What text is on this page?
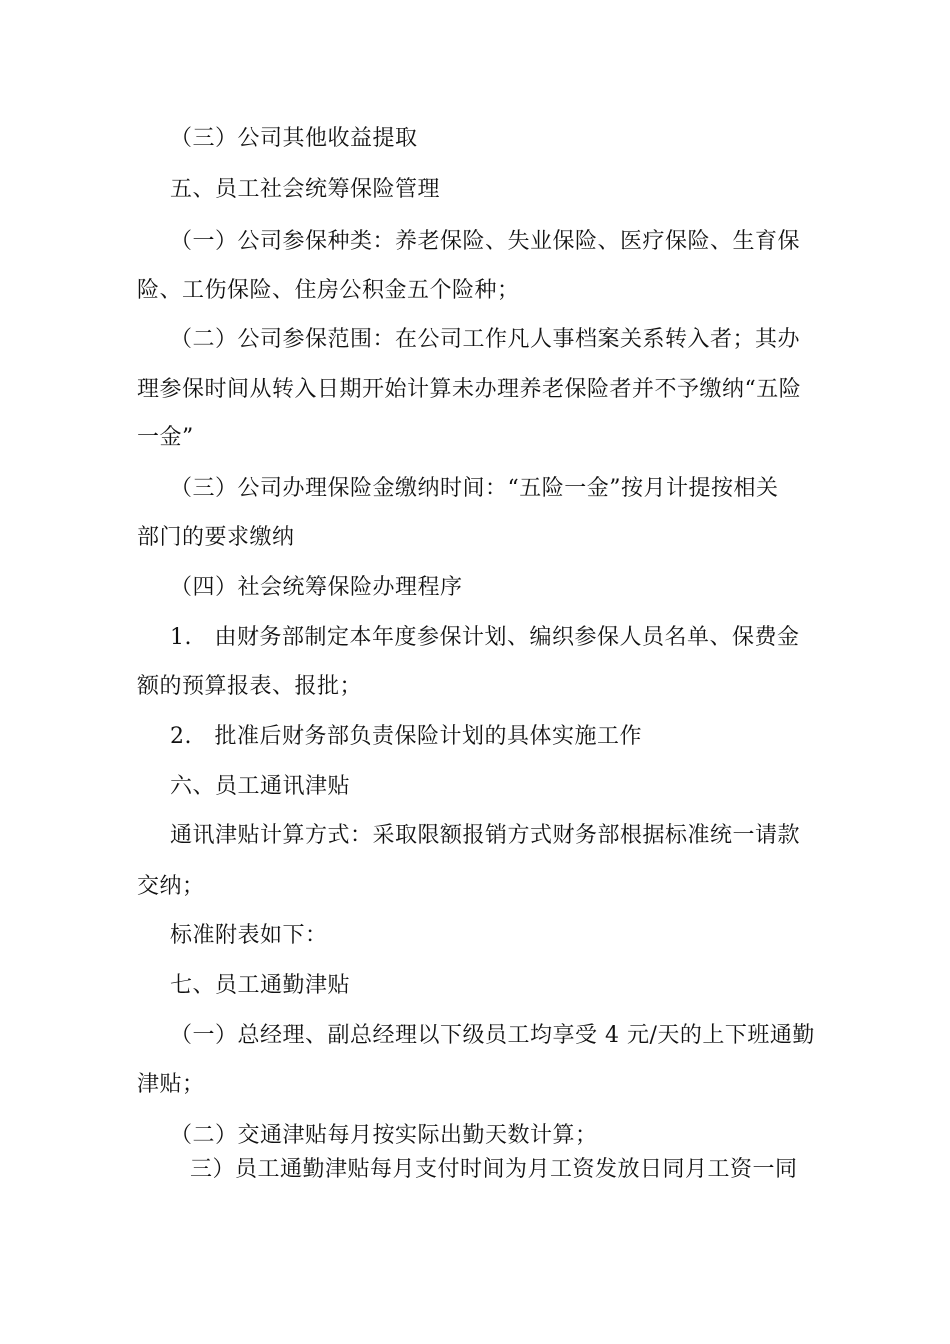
（三）公司其他收益提取
五、员工社会统筹保险管理
（一）公司参保种类：养老保险、失业保险、医疗保险、生育保
险、工伤保险、住房公积金五个险种；
（二）公司参保范围：在公司工作凡人事档案关系转入者；其办
理参保时间从转入日期开始计算未办理养老保险者并不予缴纳“五险
一金”
（三）公司办理保险金缴纳时间：“五险一金”按月计提按相关
部门的要求缴纳
（四）社会统筹保险办理程序
1.　由财务部制定本年度参保计划、编织参保人员名单、保费金
额的预算报表、报批；
2.　批准后财务部负责保险计划的具体实施工作
六、员工通讯津贴
通讯津贴计算方式：采取限额报销方式财务部根据标准统一请款
交纳；
标准附表如下：
七、员工通勤津贴
（一）总经理、副总经理以下级员工均享受 4 元/天的上下班通勤
津贴；
（二）交通津贴每月按实际出勤天数计算；
三）员工通勤津贴每月支付时间为月工资发放日同月工资一同
